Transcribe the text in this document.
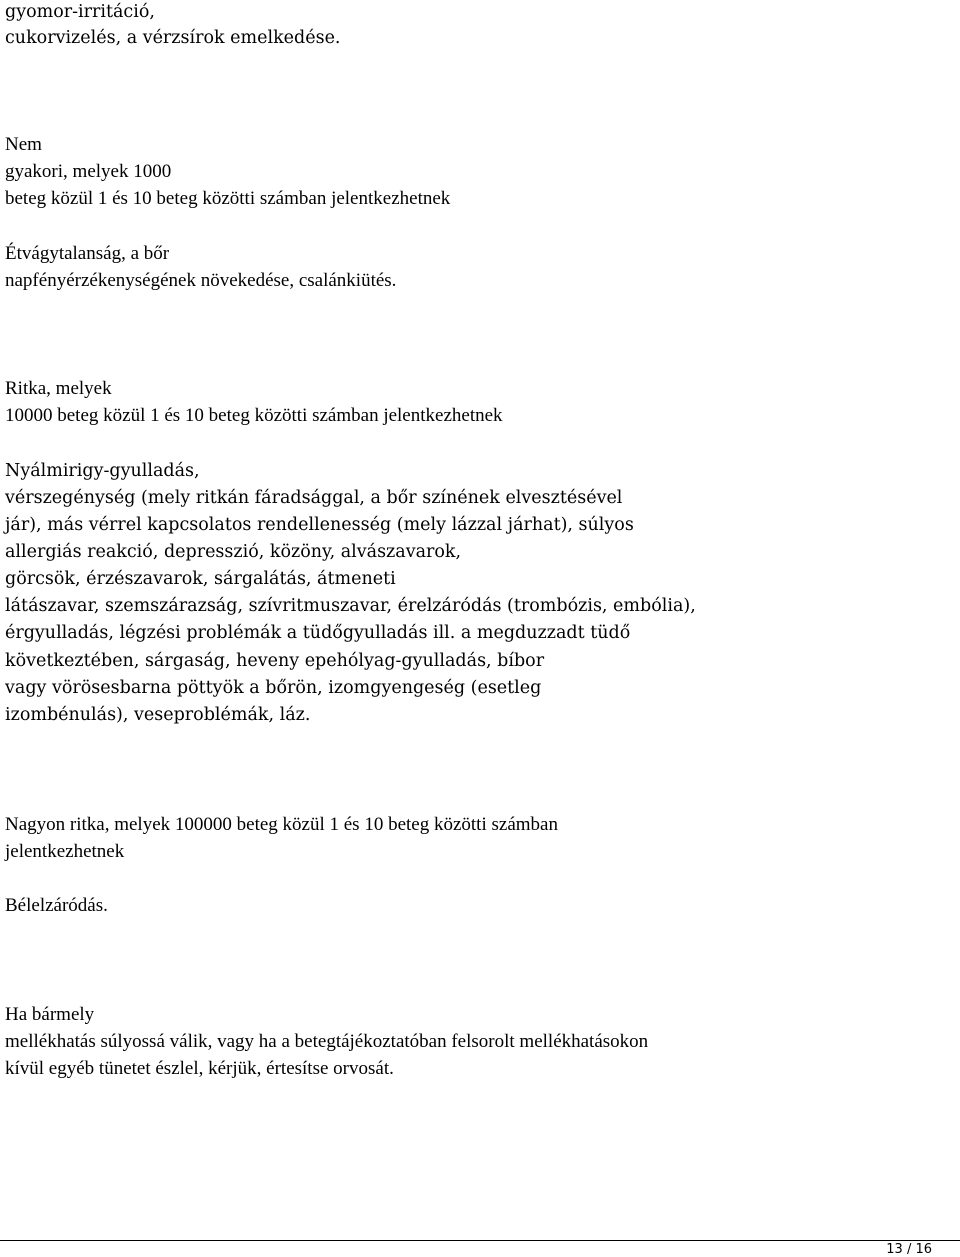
gyomor-irritáció,
cukorvizelés, a vérzsírok emelkedése.
Nem
gyakori, melyek 1000
beteg közül 1 és 10 beteg közötti számban jelentkezhetnek
Étvágytalanság, a bőr
napfényérzékenységének növekedése, csalánkiütés.
Ritka, melyek
10000 beteg közül 1 és 10 beteg közötti számban jelentkezhetnek
Nyálmirigy-gyulladás,
vérszegénység (mely ritkán fáradsággal, a bőr színének elvesztésével
jár), más vérrel kapcsolatos rendellenesség (mely lázzal járhat), súlyos
allergiás reakció, depresszió, közöny, alvászavarok,
görcsök, érzészavarok, sárgalátás, átmeneti
látászavar, szemszárazság, szívritmuszavar, érelzáródás (trombózis, embólia),
érgyulladás, légzési problémák a tüdőgyulladás ill. a megduzzadt tüdő
következtében, sárgaság, heveny epehólyag-gyulladás, bíbor
vagy vörösesbarna pöttyök a bőrön, izomgyengeség (esetleg
izombénulás), veseproblémák, láz.
Nagyon ritka, melyek 100000 beteg közül 1 és 10 beteg közötti számban
jelentkezhetnek
Bélelzáródás.
Ha bármely
mellékhatás súlyossá válik, vagy ha a betegtájékoztatóban felsorolt mellékhatásokon
kívül egyéb tünetet észlel, kérjük, értesítse orvosát.
13 / 16
